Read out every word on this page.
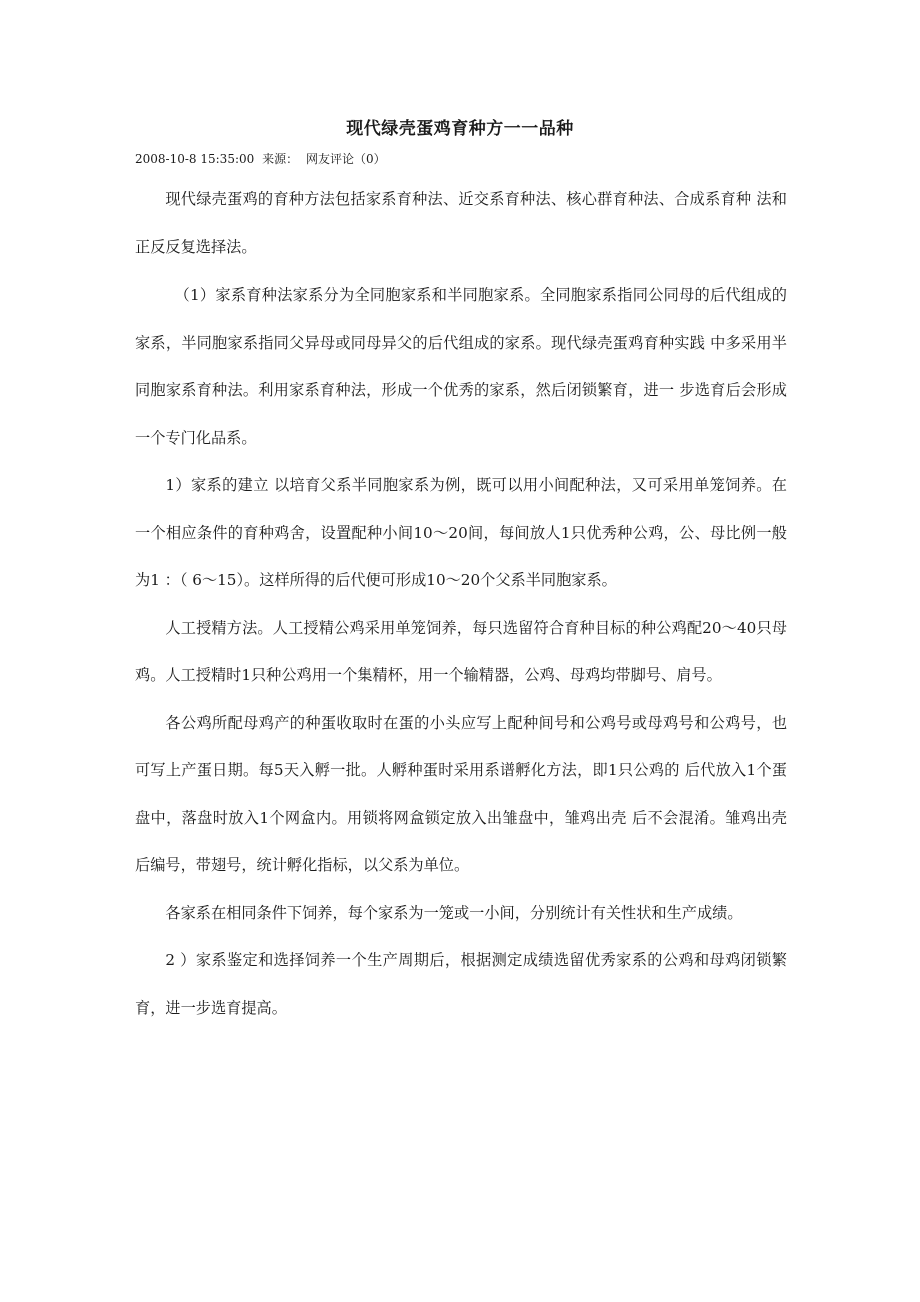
现代绿壳蛋鸡育种方一一品种

2008-10-8 15:35:00 来源： 网友评论（0）

现代绿壳蛋鸡的育种方法包括家系育种法、近交系育种法、核心群育种法、合成系育种 法和正反反复选择法。

（1）家系育种法家系分为全同胞家系和半同胞家系。全同胞家系指同公同母的后代组成的家系，半同胞家系指同父异母或同母异父的后代组成的家系。现代绿壳蛋鸡育种实践 中多采用半同胞家系育种法。利用家系育种法，形成一个优秀的家系，然后闭锁繁育，进一 步选育后会形成一个专门化品系。

1）家系的建立 以培育父系半同胞家系为例，既可以用小间配种法，又可采用单笼饲养。在一个相应条件的育种鸡舍，设置配种小间10～20间，每间放人1只优秀种公鸡，公、母比例一般为1 ：（ 6～15）。这样所得的后代便可形成10～20个父系半同胞家系。

人工授精方法。人工授精公鸡采用单笼饲养，每只选留符合育种目标的种公鸡配20～40只母鸡。人工授精时1只种公鸡用一个集精杯，用一个输精器，公鸡、母鸡均带脚号、肩号。

各公鸡所配母鸡产的种蛋收取时在蛋的小头应写上配种间号和公鸡号或母鸡号和公鸡号，也可写上产蛋日期。每5天入孵一批。人孵种蛋时采用系谱孵化方法，即1只公鸡的 后代放入1个蛋盘中，落盘时放入1个网盒内。用锁将网盒锁定放入出雏盘中，雏鸡出壳 后不会混淆。雏鸡出壳后编号，带翅号，统计孵化指标，以父系为单位。

各家系在相同条件下饲养，每个家系为一笼或一小间，分别统计有关性状和生产成绩。

2 ）家系鉴定和选择饲养一个生产周期后，根据测定成绩选留优秀家系的公鸡和母鸡闭锁繁育，进一步选育提高。
